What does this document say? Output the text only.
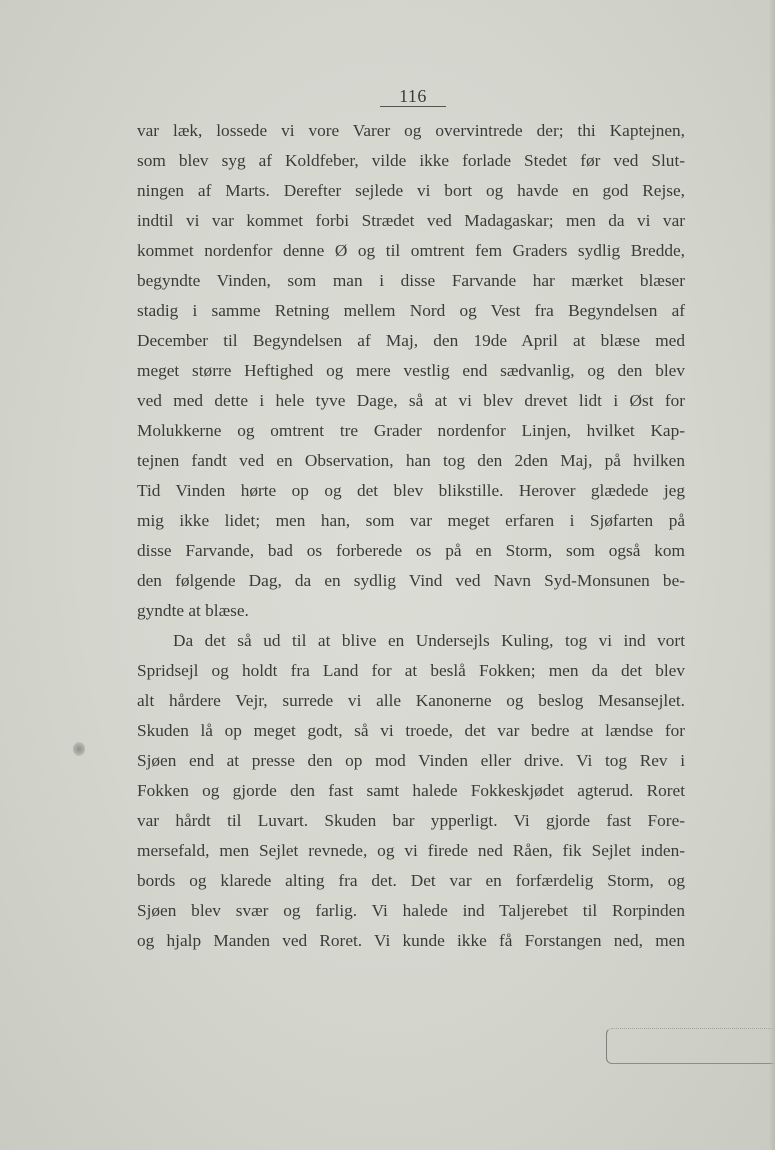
116
var læk, lossede vi vore Varer og overvintrede der; thi Kaptejnen,
som blev syg af Koldfeber, vilde ikke forlade Stedet før ved Slut-
ningen af Marts. Derefter sejlede vi bort og havde en god Rejse,
indtil vi var kommet forbi Strædet ved Madagaskar; men da vi var
kommet nordenfor denne Ø og til omtrent fem Graders sydlig Bredde,
begyndte Vinden, som man i disse Farvande har mærket blæser
stadig i samme Retning mellem Nord og Vest fra Begyndelsen af
December til Begyndelsen af Maj, den 19de April at blæse med
meget større Heftighed og mere vestlig end sædvanlig, og den blev
ved med dette i hele tyve Dage, så at vi blev drevet lidt i Øst for
Molukkerne og omtrent tre Grader nordenfor Linjen, hvilket Kap-
tejnen fandt ved en Observation, han tog den 2den Maj, på hvilken
Tid Vinden hørte op og det blev blikstille. Herover glædede jeg
mig ikke lidet; men han, som var meget erfaren i Sjøfarten på
disse Farvande, bad os forberede os på en Storm, som også kom
den følgende Dag, da en sydlig Vind ved Navn Syd-Monsunen be-
gyndte at blæse.
Da det så ud til at blive en Undersejls Kuling, tog vi ind vort
Spridsejl og holdt fra Land for at beslå Fokken; men da det blev
alt hårdere Vejr, surrede vi alle Kanonerne og beslog Mesansejlet.
Skuden lå op meget godt, så vi troede, det var bedre at lændse for
Sjøen end at presse den op mod Vinden eller drive. Vi tog Rev i
Fokken og gjorde den fast samt halede Fokkeskjødet agterud. Roret
var hårdt til Luvart. Skuden bar ypperligt. Vi gjorde fast Fore-
mersefald, men Sejlet revnede, og vi firede ned Råen, fik Sejlet inden-
bords og klarede alting fra det. Det var en forfærdelig Storm, og
Sjøen blev svær og farlig. Vi halede ind Taljerebet til Rorpinden
og hjalp Manden ved Roret. Vi kunde ikke få Forstangen ned, men
